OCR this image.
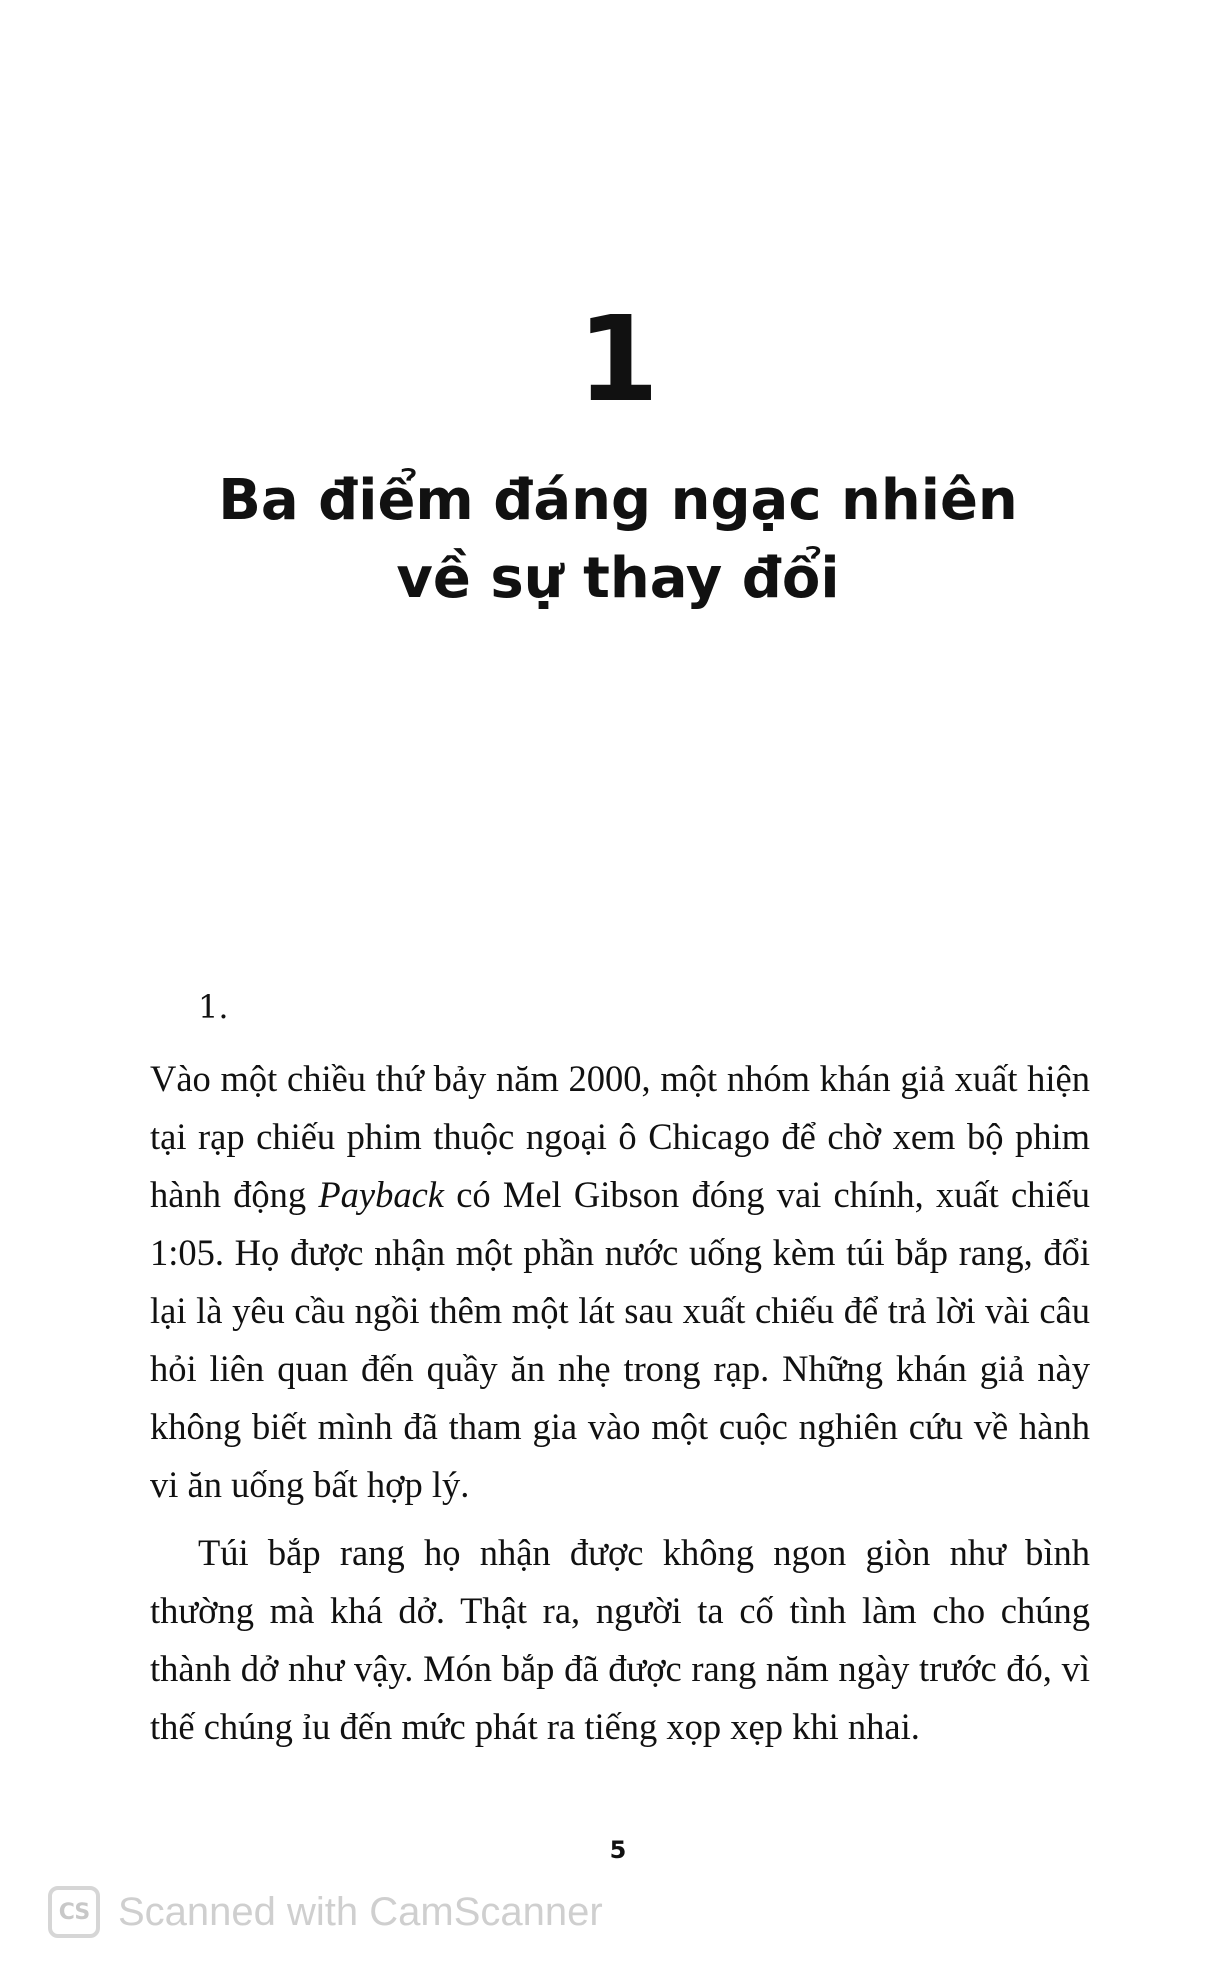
1
Ba điểm đáng ngạc nhiên
về sự thay đổi
1.

Vào một chiều thứ bảy năm 2000, một nhóm khán giả xuất hiện tại rạp chiếu phim thuộc ngoại ô Chicago để chờ xem bộ phim hành động Payback có Mel Gibson đóng vai chính, xuất chiếu 1:05. Họ được nhận một phần nước uống kèm túi bắp rang, đổi lại là yêu cầu ngồi thêm một lát sau xuất chiếu để trả lời vài câu hỏi liên quan đến quầy ăn nhẹ trong rạp. Những khán giả này không biết mình đã tham gia vào một cuộc nghiên cứu về hành vi ăn uống bất hợp lý.

Túi bắp rang họ nhận được không ngon giòn như bình thường mà khá dở. Thật ra, người ta cố tình làm cho chúng thành dở như vậy. Món bắp đã được rang năm ngày trước đó, vì thế chúng ỉu đến mức phát ra tiếng xọp xẹp khi nhai.

5
CS Scanned with CamScanner
